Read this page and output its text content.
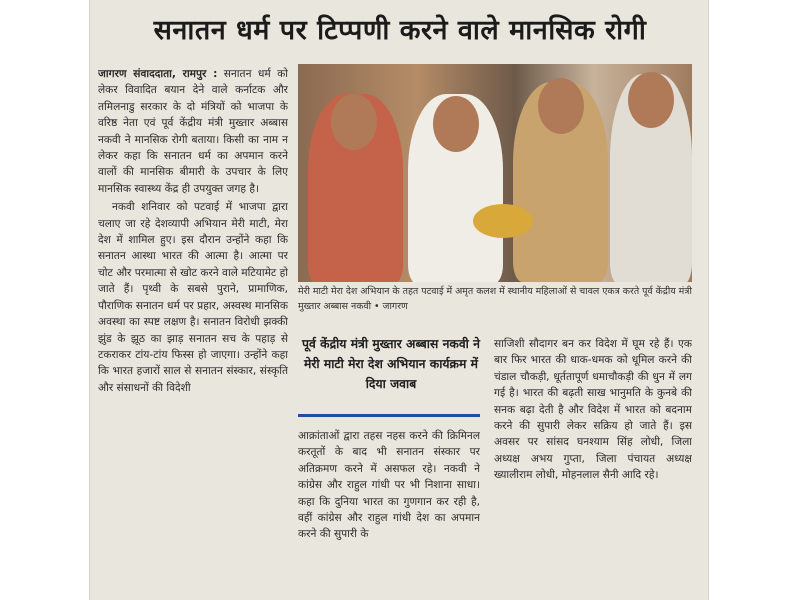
सनातन धर्म पर टिप्पणी करने वाले मानसिक रोगी

जागरण संवाददाता, रामपुर : सनातन धर्म को लेकर विवादित बयान देने वाले कर्नाटक और तमिलनाडु सरकार के दो मंत्रियों को भाजपा के वरिष्ठ नेता एवं पूर्व केंद्रीय मंत्री मुख्तार अब्बास नकवी ने मानसिक रोगी बताया। किसी का नाम न लेकर कहा कि सनातन धर्म का अपमान करने वालों की मानसिक बीमारी के उपचार के लिए मानसिक स्वास्थ्य केंद्र ही उपयुक्त जगह है।

नकवी शनिवार को पटवाई में भाजपा द्वारा चलाए जा रहे देशव्यापी अभियान मेरी माटी, मेरा देश में शामिल हुए। इस दौरान उन्होंने कहा कि सनातन आस्था भारत की आत्मा है। आत्मा पर चोट और परमात्मा से खोट करने वाले मटियामेट हो जाते हैं। पृथ्वी के सबसे पुराने, प्रामाणिक, पौराणिक सनातन धर्म पर प्रहार, अस्वस्थ मानसिक अवस्था का स्पष्ट लक्षण है। सनातन विरोधी झक्की झुंड के झूठ का झाड़ सनातन सच के पहाड़ से टकराकर टांय-टांय फिस्स हो जाएगा। उन्होंने कहा कि भारत हजारों साल से सनातन संस्कार, संस्कृति और संसाधनों की विदेशी

मेरी माटी मेरा देश अभियान के तहत पटवाई में अमृत कलश में स्थानीय महिलाओं से चावल एकत्र करते पूर्व केंद्रीय मंत्री मुख्तार अब्बास नकवी • जागरण
पूर्व केंद्रीय मंत्री मुख्तार अब्बास नकवी ने मेरी माटी मेरा देश अभियान कार्यक्रम में दिया जवाब

आक्रांताओं द्वारा तहस नहस करने की क्रिमिनल करतूतों के बाद भी सनातन संस्कार पर अतिक्रमण करने में असफल रहे। नकवी ने कांग्रेस और राहुल गांधी पर भी निशाना साधा। कहा कि दुनिया भारत का गुणगान कर रही है, वहीं कांग्रेस और राहुल गांधी देश का अपमान करने की सुपारी के

साजिशी सौदागर बन कर विदेश में घूम रहे हैं। एक बार फिर भारत की धाक-धमक को धूमिल करने की चंडाल चौकड़ी, धूर्ततापूर्ण धमाचौकड़ी की धुन में लग गई है। भारत की बढ़ती साख भानुमति के कुनबे की सनक बढ़ा देती है और विदेश में भारत को बदनाम करने की सुपारी लेकर सक्रिय हो जाते हैं। इस अवसर पर सांसद घनश्याम सिंह लोधी, जिला अध्यक्ष अभय गुप्ता, जिला पंचायत अध्यक्ष ख्यालीराम लोधी, मोहनलाल सैनी आदि रहे।
